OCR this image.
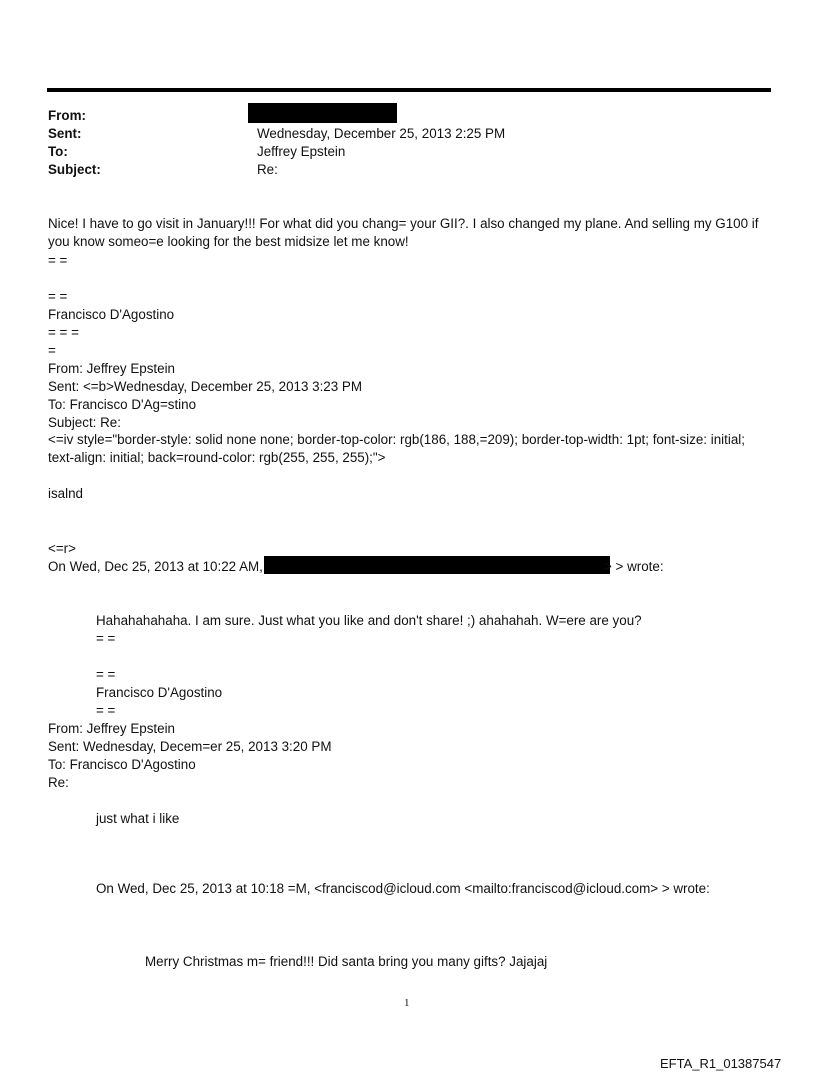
From:
Sent:	Wednesday, December 25, 2013 2:25 PM
To:	Jeffrey Epstein
Subject:	Re:
Nice! I have to go visit in January!!! For what did you chang= your GII?. I also changed my plane. And selling my G100 if you know someo=e looking for the best midsize let me know!
= =
= =
Francisco D'Agostino
= = =
=
From: Jeffrey Epstein
Sent: <=b>Wednesday, December 25, 2013 3:23 PM
To: Francisco D'Ag=stino
Subject: Re:
<=iv style="border-style: solid none none; border-top-color: rgb(186, 188,=209); border-top-width: 1pt; font-size: initial; text-align: initial; back=round-color: rgb(255, 255, 255);">
isalnd
<=r>
On Wed, Dec 25, 2013 at 10:22 AM,	> > wrote:
Hahahahahaha. I am sure. Just what you like and don't share! ;) ahahahah. W=ere are you?
= =
= =
Francisco D'Agostino
= =
From: Jeffrey Epstein
Sent: Wednesday, Decem=er 25, 2013 3:20 PM
To: Francisco D'Agostino
Re:
just what i like
On Wed, Dec 25, 2013 at 10:18 =M, <franciscod@icloud.com <mailto:franciscod@icloud.com> > wrote:
Merry Christmas m= friend!!! Did santa bring you many gifts? Jajajaj
1
EFTA_R1_01387547
